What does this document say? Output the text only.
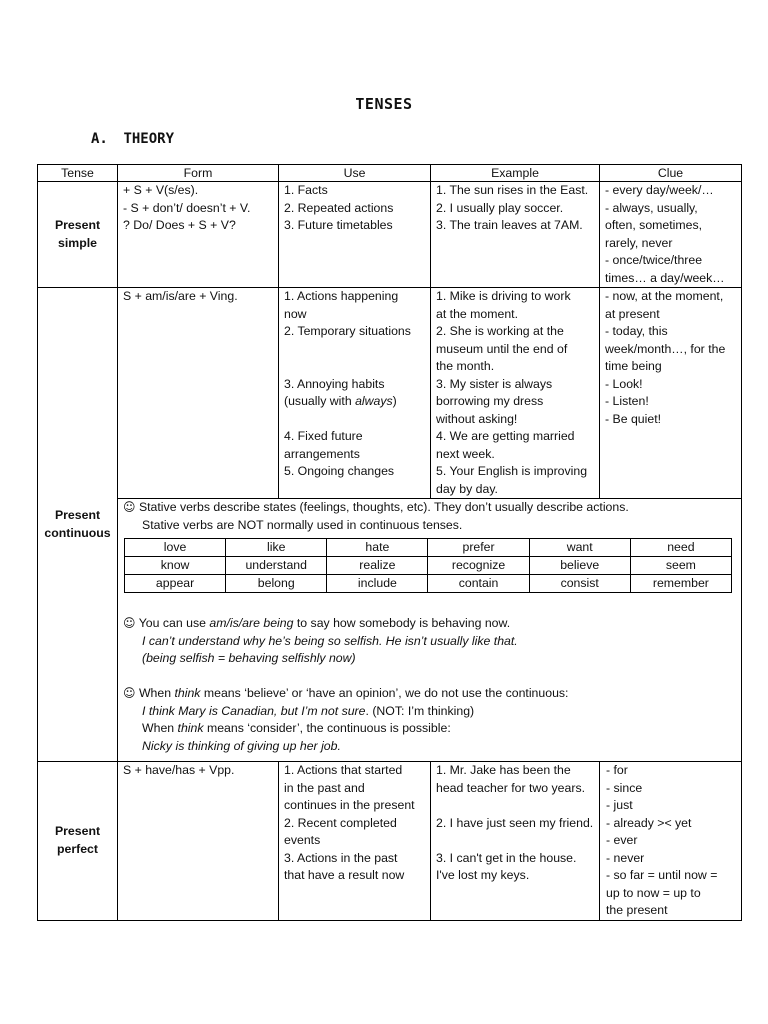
TENSES
A. THEORY
Tense	Form	Use	Example	Clue

Present
simple

+ S + V(s/es).
- S + don’t/ doesn’t + V.
? Do/ Does + S + V?

1. Facts
2. Repeated actions
3. Future timetables

1. The sun rises in the East.
2. I usually play soccer.
3. The train leaves at 7AM.

- every day/week/…
- always, usually,
often, sometimes,
rarely, never
- once/twice/three
times… a day/week…

Present
continuous

S + am/is/are + Ving.	1. Actions happening
now
2. Temporary situations
3. Annoying habits
(usually with always)
4. Fixed future
arrangements
5. Ongoing changes

1. Mike is driving to work
at the moment.
2. She is working at the
museum until the end of
the month.
3. My sister is always
borrowing my dress
without asking!
4. We are getting married
next week.
5. Your English is improving
day by day.

- now, at the moment,
at present
- today, this
week/month…, for the
time being
- Look!
- Listen!
- Be quiet!

☺ Stative verbs describe states (feelings, thoughts, etc). They don’t usually describe actions.
Stative verbs are NOT normally used in continuous tenses.
love	like	hate	prefer	want	need
know	understand	realize	recognize	believe	seem
appear	belong	include	contain	consist	remember
☺ You can use am/is/are being to say how somebody is behaving now.
I can’t understand why he’s being so selfish. He isn’t usually like that.
(being selfish = behaving selfishly now)
☺ When think means ‘believe’ or ‘have an opinion’, we do not use the continuous:
I think Mary is Canadian, but I’m not sure. (NOT: I’m thinking)
When think means ‘consider’, the continuous is possible:
Nicky is thinking of giving up her job.

Present
perfect

S + have/has + Vpp.	1. Actions that started
in the past and
continues in the present
2. Recent completed
events
3. Actions in the past
that have a result now

1. Mr. Jake has been the
head teacher for two years.
2. I have just seen my friend.
3. I can't get in the house.
I've lost my keys.

- for
- since
- just
- already >< yet
- ever
- never
- so far = until now =
up to now = up to
the present
